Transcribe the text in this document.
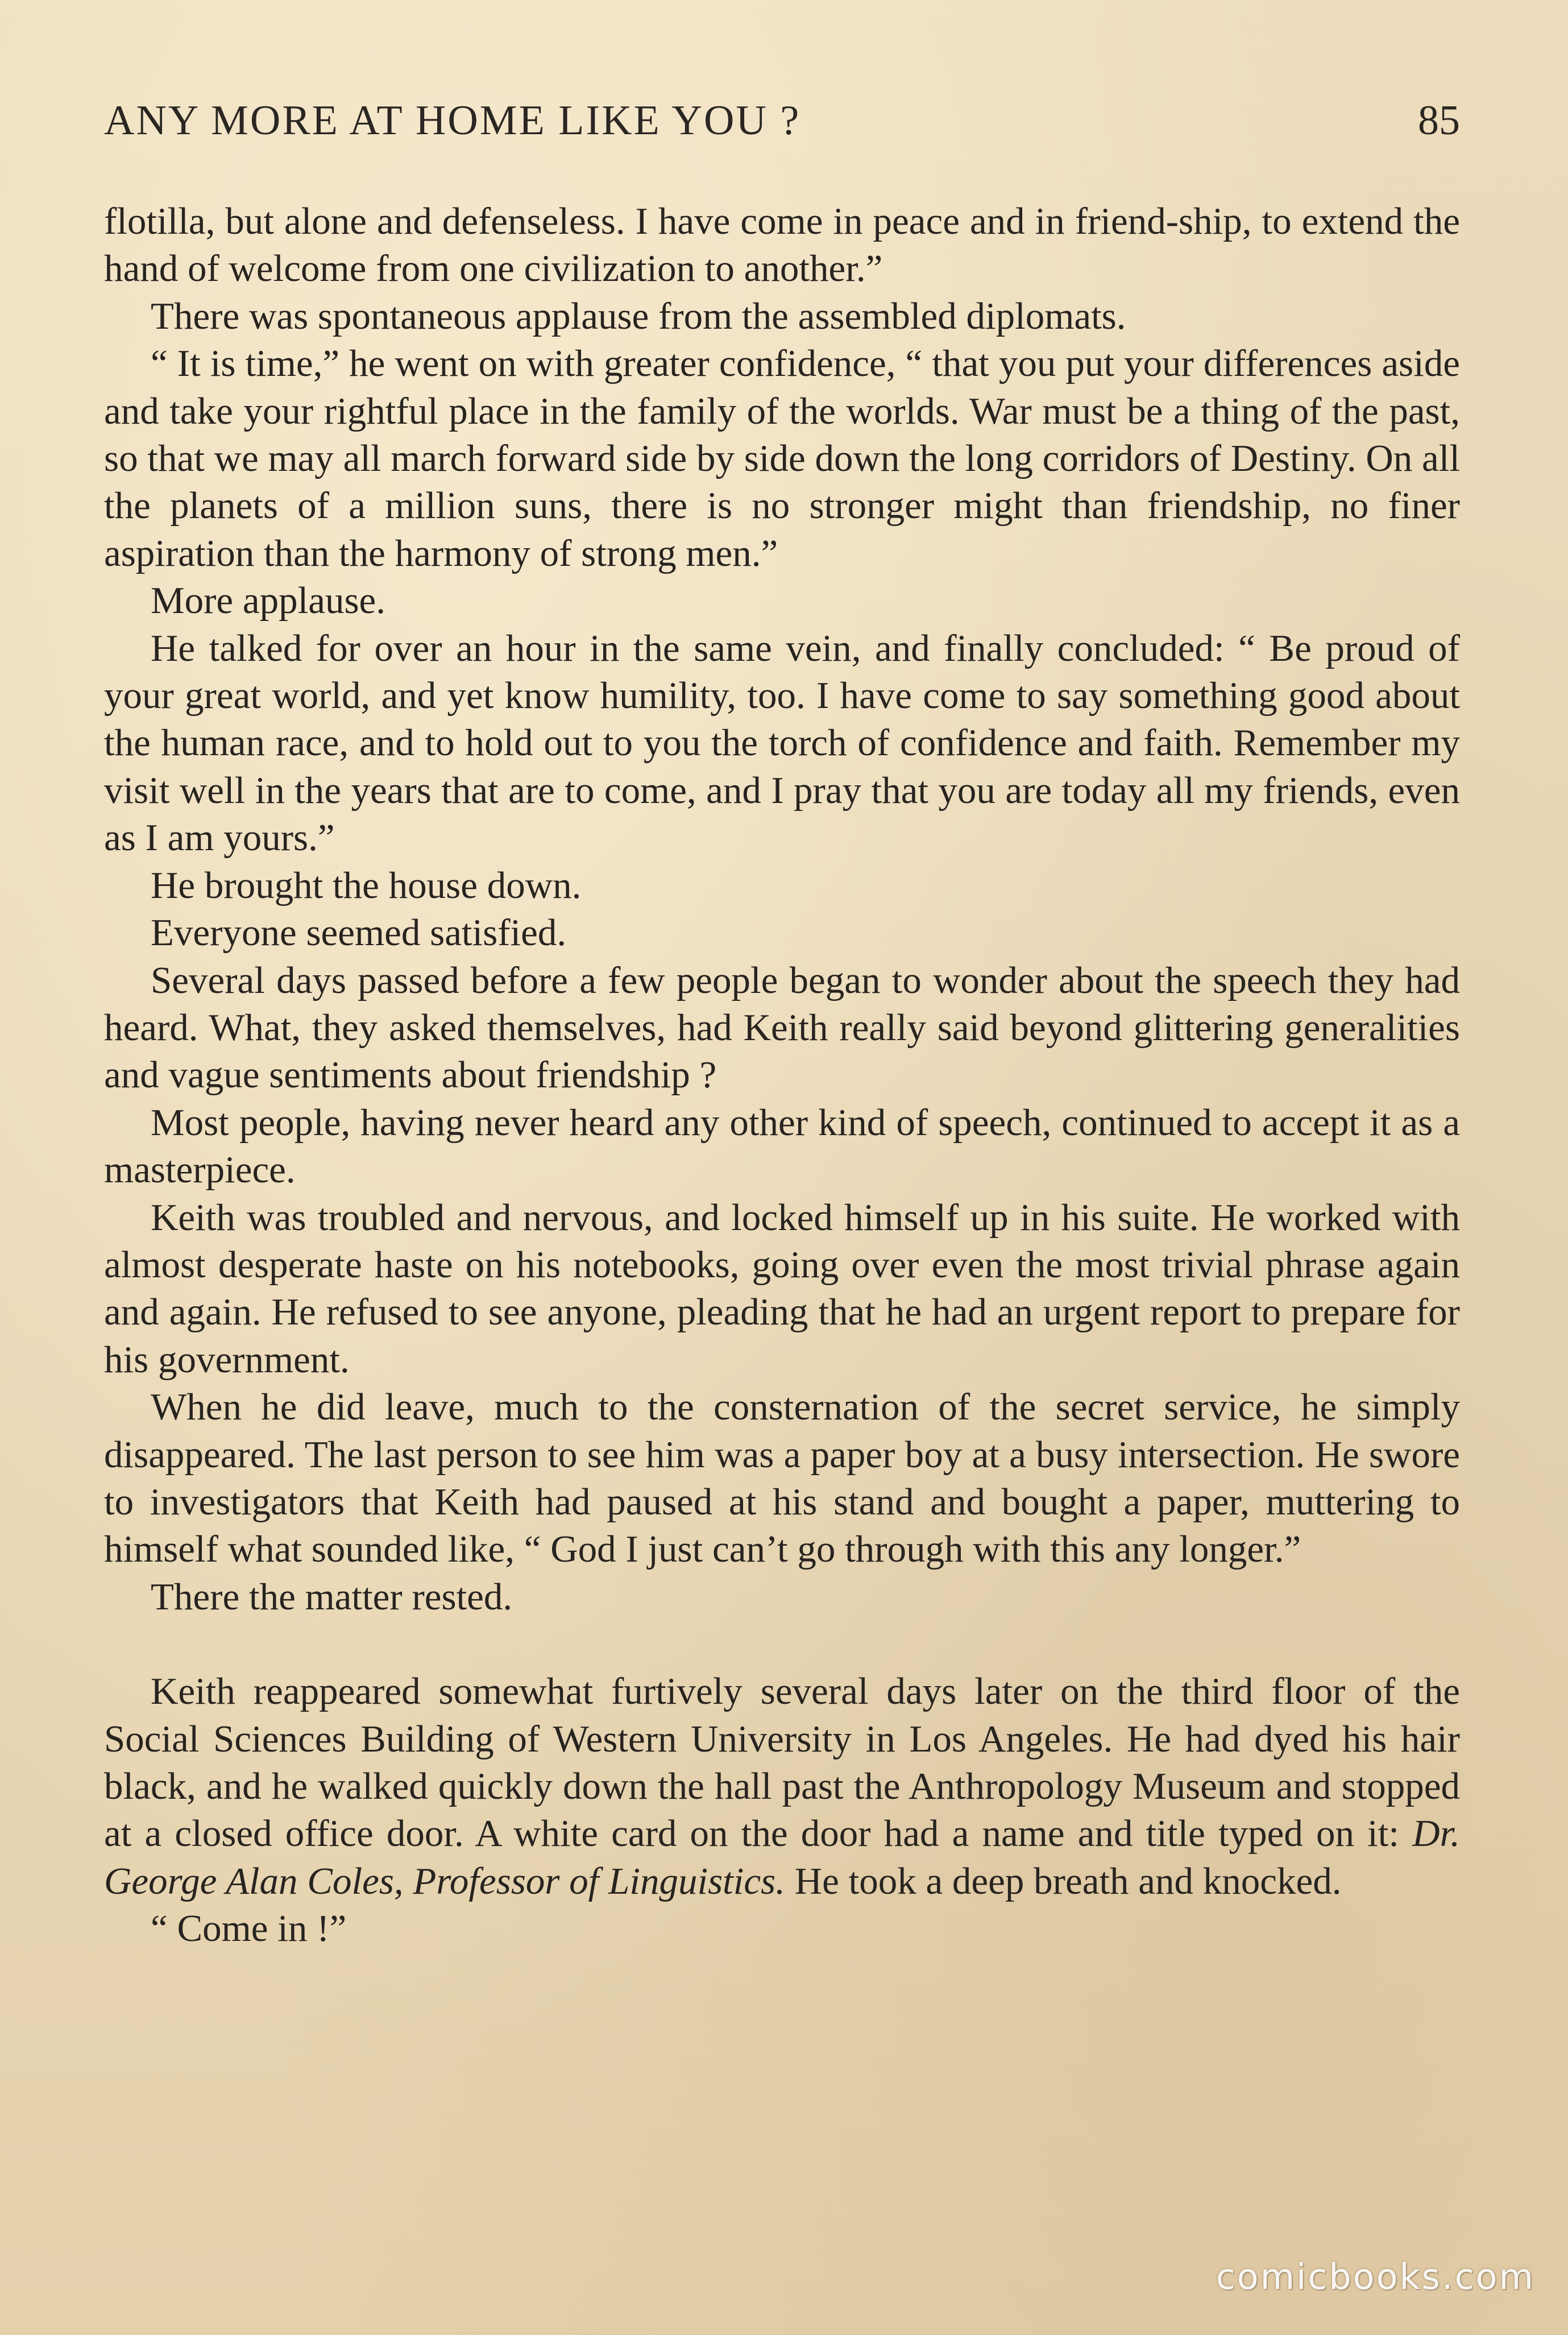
ANY MORE AT HOME LIKE YOU ?	85

flotilla, but alone and defenseless. I have come in peace and in friend-ship, to extend the hand of welcome from one civilization to another.”

There was spontaneous applause from the assembled diplomats.

“ It is time,” he went on with greater confidence, “ that you put your differences aside and take your rightful place in the family of the worlds. War must be a thing of the past, so that we may all march forward side by side down the long corridors of Destiny. On all the planets of a million suns, there is no stronger might than friendship, no finer aspiration than the harmony of strong men.”

More applause.

He talked for over an hour in the same vein, and finally concluded: “ Be proud of your great world, and yet know humility, too. I have come to say something good about the human race, and to hold out to you the torch of confidence and faith. Remember my visit well in the years that are to come, and I pray that you are today all my friends, even as I am yours.”

He brought the house down.

Everyone seemed satisfied.

Several days passed before a few people began to wonder about the speech they had heard. What, they asked themselves, had Keith really said beyond glittering generalities and vague sentiments about friendship ?

Most people, having never heard any other kind of speech, continued to accept it as a masterpiece.

Keith was troubled and nervous, and locked himself up in his suite. He worked with almost desperate haste on his notebooks, going over even the most trivial phrase again and again. He refused to see anyone, pleading that he had an urgent report to prepare for his government.

When he did leave, much to the consternation of the secret service, he simply disappeared. The last person to see him was a paper boy at a busy intersection. He swore to investigators that Keith had paused at his stand and bought a paper, muttering to himself what sounded like, “ God I just can’t go through with this any longer.”

There the matter rested.

Keith reappeared somewhat furtively several days later on the third floor of the Social Sciences Building of Western University in Los Angeles. He had dyed his hair black, and he walked quickly down the hall past the Anthropology Museum and stopped at a closed office door. A white card on the door had a name and title typed on it: Dr. George Alan Coles, Professor of Linguistics. He took a deep breath and knocked.

“ Come in !”

comicbooks.com
